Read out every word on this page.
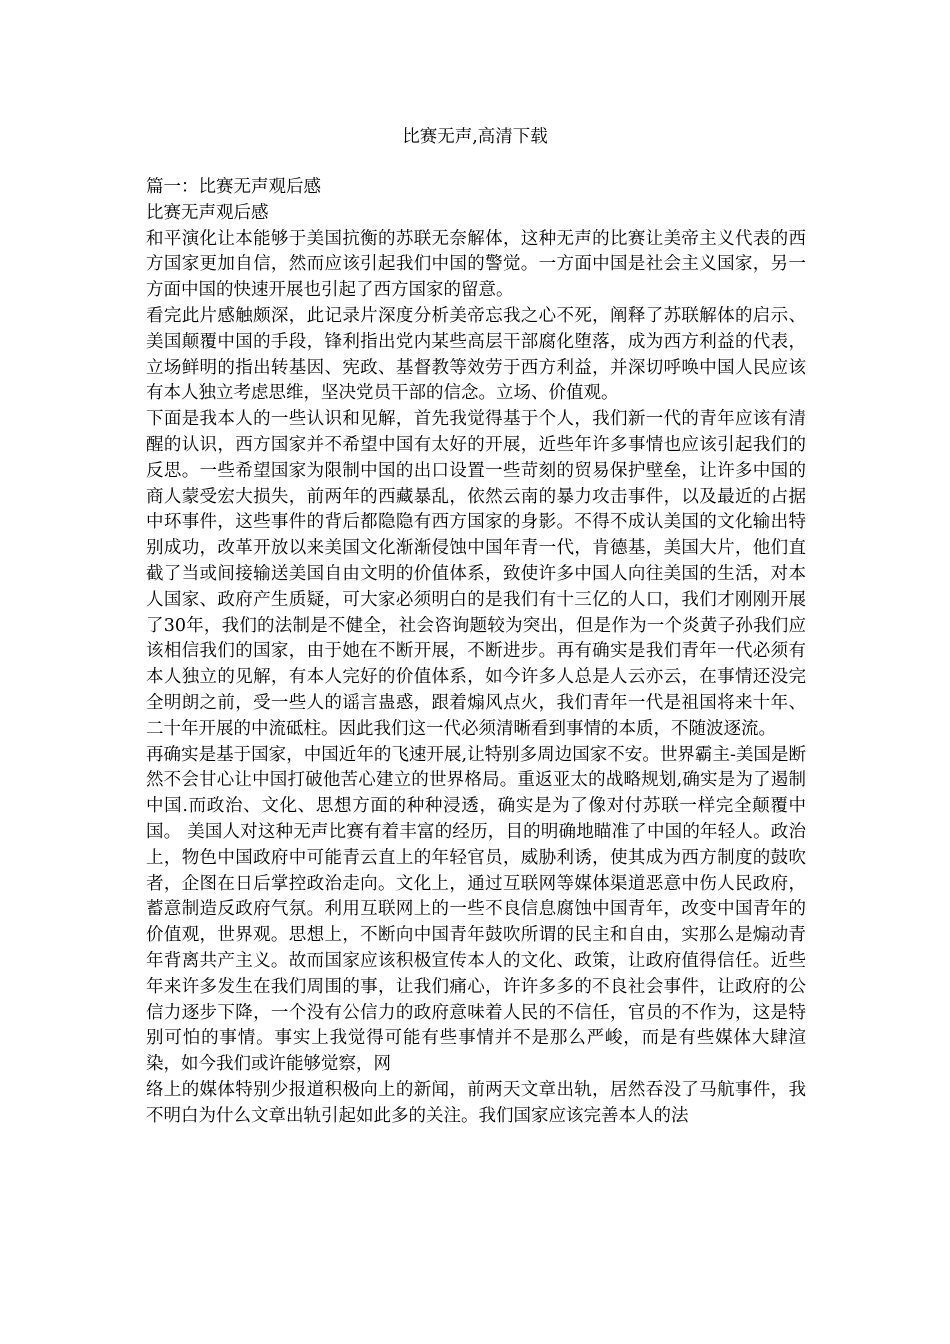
比赛无声,高清下载

篇一：比赛无声观后感

比赛无声观后感

和平演化让本能够于美国抗衡的苏联无奈解体，这种无声的比赛让美帝主义代表的西方国家更加自信，然而应该引起我们中国的警觉。一方面中国是社会主义国家，另一方面中国的快速开展也引起了西方国家的留意。

看完此片感触颇深，此记录片深度分析美帝忘我之心不死，阐释了苏联解体的启示、美国颠覆中国的手段，锋利指出党内某些高层干部腐化堕落，成为西方利益的代表，立场鲜明的指出转基因、宪政、基督教等效劳于西方利益，并深切呼唤中国人民应该有本人独立考虑思维，坚决党员干部的信念。立场、价值观。

下面是我本人的一些认识和见解，首先我觉得基于个人，我们新一代的青年应该有清醒的认识，西方国家并不希望中国有太好的开展，近些年许多事情也应该引起我们的反思。一些希望国家为限制中国的出口设置一些苛刻的贸易保护壁垒，让许多中国的商人蒙受宏大损失，前两年的西藏暴乱，依然云南的暴力攻击事件，以及最近的占据中环事件，这些事件的背后都隐隐有西方国家的身影。不得不成认美国的文化输出特别成功，改革开放以来美国文化渐渐侵蚀中国年青一代，肯德基，美国大片，他们直截了当或间接输送美国自由文明的价值体系，致使许多中国人向往美国的生活，对本人国家、政府产生质疑，可大家必须明白的是我们有十三亿的人口，我们才刚刚开展了30年，我们的法制是不健全，社会咨询题较为突出，但是作为一个炎黄子孙我们应该相信我们的国家，由于她在不断开展，不断进步。再有确实是我们青年一代必须有本人独立的见解，有本人完好的价值体系，如今许多人总是人云亦云，在事情还没完全明朗之前，受一些人的谣言蛊惑，跟着煽风点火，我们青年一代是祖国将来十年、二十年开展的中流砥柱。因此我们这一代必须清晰看到事情的本质，不随波逐流。

再确实是基于国家，中国近年的飞速开展,让特别多周边国家不安。世界霸主-美国是断然不会甘心让中国打破他苦心建立的世界格局。重返亚太的战略规划,确实是为了遏制中国.而政治、文化、思想方面的种种浸透，确实是为了像对付苏联一样完全颠覆中国。 美国人对这种无声比赛有着丰富的经历，目的明确地瞄准了中国的年轻人。政治上，物色中国政府中可能青云直上的年轻官员，威胁利诱，使其成为西方制度的鼓吹者，企图在日后掌控政治走向。文化上，通过互联网等媒体渠道恶意中伤人民政府，蓄意制造反政府气氛。利用互联网上的一些不良信息腐蚀中国青年，改变中国青年的价值观，世界观。思想上，不断向中国青年鼓吹所谓的民主和自由，实那么是煽动青年背离共产主义。故而国家应该积极宣传本人的文化、政策，让政府值得信任。近些年来许多发生在我们周围的事，让我们痛心，许许多多的不良社会事件，让政府的公信力逐步下降，一个没有公信力的政府意味着人民的不信任，官员的不作为，这是特别可怕的事情。事实上我觉得可能有些事情并不是那么严峻，而是有些媒体大肆渲染，如今我们或许能够觉察，网

络上的媒体特别少报道积极向上的新闻，前两天文章出轨，居然吞没了马航事件，我不明白为什么文章出轨引起如此多的关注。我们国家应该完善本人的法
